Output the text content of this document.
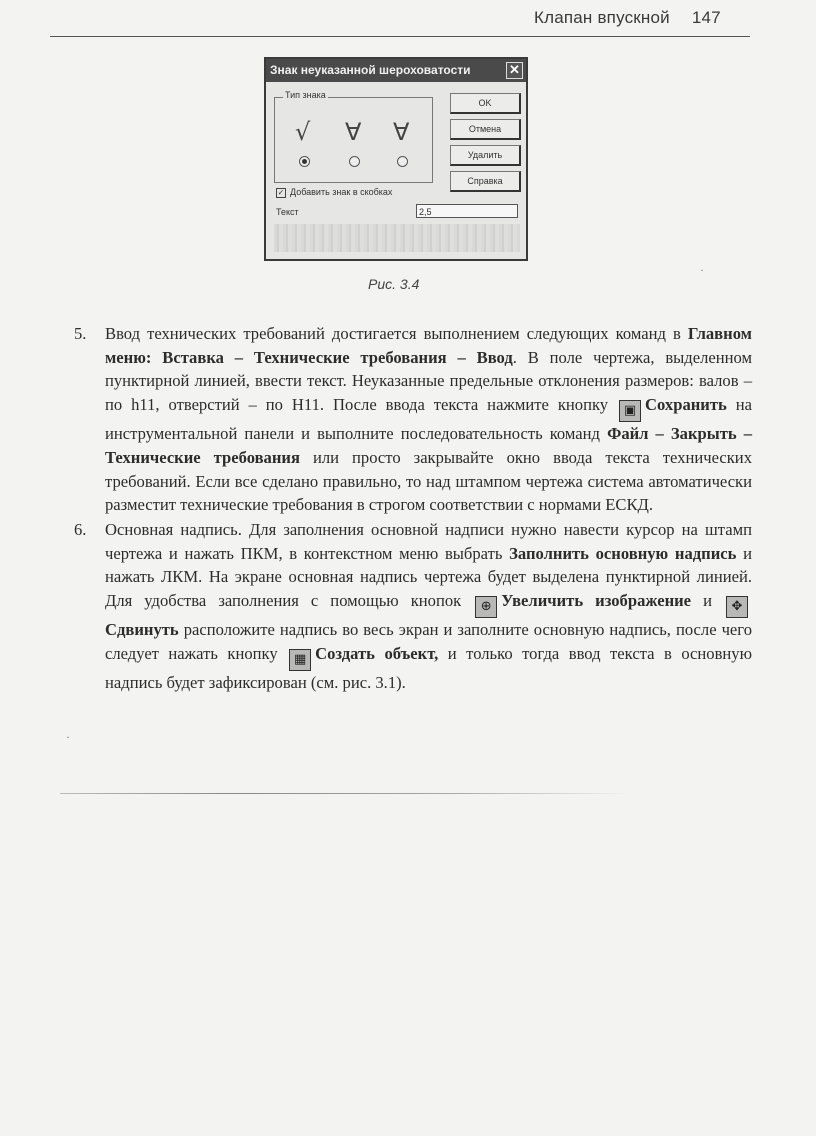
Клапан впускной 147
Знак неуказанной шероховатости	✕
Тип знака
√ ∀ ∀
OK
Отмена
Удалить
Справка
✓ Добавить знак в скобках
Текст	2,5
Рис. 3.4
5. Ввод технических требований достигается выполнением следующих команд в Главном меню: Вставка – Технические требования – Ввод. В поле чертежа, выделенном пунктирной линией, ввести текст. Неуказанные предельные отклонения размеров: валов – по h11, отверстий – по H11. После ввода текста нажмите кнопку ▣ Сохранить на инструментальной панели и выполните последовательность команд Файл – Закрыть – Технические требования или просто закрывайте окно ввода текста технических требований. Если все сделано правильно, то над штампом чертежа система автоматически разместит технические требования в строгом соответствии с нормами ЕСКД.
6. Основная надпись. Для заполнения основной надписи нужно навести курсор на штамп чертежа и нажать ПКМ, в контекстном меню выбрать Заполнить основную надпись и нажать ЛКМ. На экране основная надпись чертежа будет выделена пунктирной линией. Для удобства заполнения с помощью кнопок ⊕ Увеличить изображение и ✥Сдвинуть расположите надпись во весь экран и заполните основную надпись, после чего следует нажать кнопку ▦ Создать объект, и только тогда ввод текста в основную надпись будет зафиксирован (см. рис. 3.1).
·
·
